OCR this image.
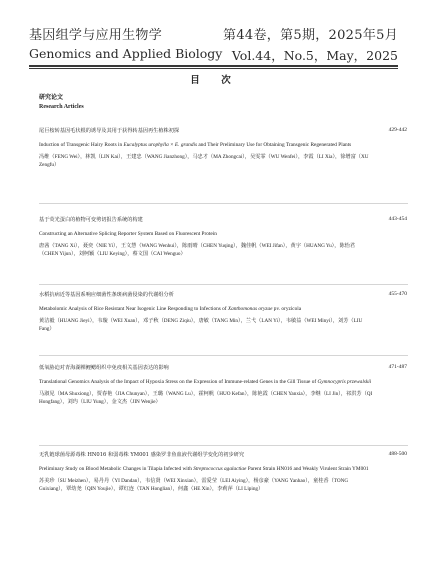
基因组学与应用生物学
Genomics and Applied Biology
第44卷，第5期，2025年5月
Vol.44，No.5，May，2025
目　次
研究论文
Research Articles
尾巨桉转基因毛状根的诱导及其用于获得转基因再生植株初探
Induction of Transgenic Hairy Roots in Eucalyptus urophylla × E. grandis and Their Preliminary Use for Obtaining Transgenic Regenerated Plants
冯维（FENG Wei），林凯（LIN Kai），王建忠（WANG Jianzhong），马忠才（MA Zhongcai），吴雯霏（WU Wenfei），李霞（LI Xia），徐增富（XU Zengfu）
429-442
基于荧光蛋白的植物可变剪切报告系统的构建
Constructing an Alternative Splicing Reporter System Based on Fluorescent Protein
唐茜（TANG Xi），聂奕（NIE Yi），王文慧（WANG Wenhui），陈雨晴（CHEN Yuqing），魏佳帆（WEI Jifan），黄宇（HUANG Yu），陈怡君（CHEN Yijun），刘柯颖（LIU Keying），蔡文国（CAI Wenguo）
443-454
水稻抗病近等基因系响应细菌性条斑病菌侵染的代谢组分析
Metabolomic Analysis of Rice Resistant Near Isogenic Line Responding to Infections of Xanthomonas oryzae pv. oryzicola
黄洁毅（HUANG Jieyi），韦璇（WEI Xuan），邓子秋（DENG Ziqiu），唐敏（TANG Min），兰弋（LAN Yi），韦敏益（WEI Minyi），刘芳（LIU Fang）
455-470
低氧胁迫对青海湖裸鲤鳃组织中免疫相关基因表达的影响
Translational Genomics Analysis of the Impact of Hypoxia Stress on the Expression of Immune-related Genes in the Gill Tissue of Gymnocypris przewalskii
马淑见（MA Shuxiong），贾春艳（JIA Chunyan），王璐（WANG Lu），霍柯帆（HUO Kefan），陈艳霞（CHEN Yanxia），李继（LI Jin），祁洪芳（QI Hongfang），刘玙（LIU Yung），金文杰（JIN Wenjie）
471-487
无乳链球菌母源毒株 HN016 和弱毒株 YM001 感染罗非鱼血液代谢组学变化的初步研究
Preliminary Study on Blood Metabolic Changes in Tilapia Infected with Streptococcus agalactiae Parent Strain HN016 and Weakly Virulent Strain YM001
苏美珍（SU Meizhen），易丹丹（YI Dandan），韦信贤（WEI Xinxian），雷爱莹（LEI Aiying），杨彦豪（YANG Yanhao），童桂香（TONG Guixiang），覃幼尧（QIN Youjie），谭红连（TAN Honglian），何鑫（HE Xin），李莉萍（LI Liping）
488-500
